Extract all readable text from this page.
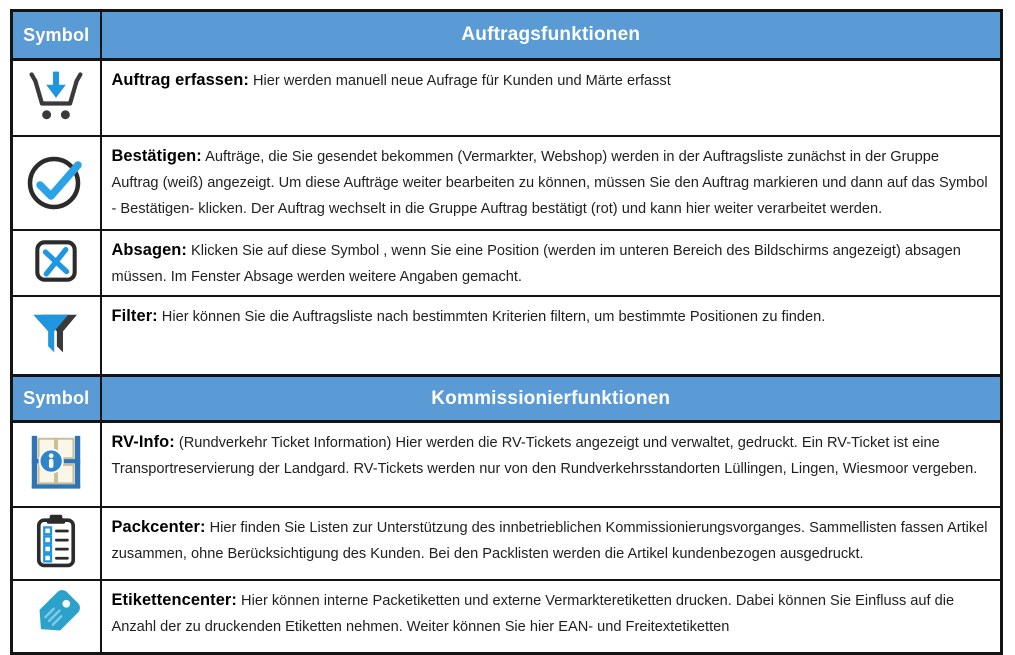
Symbol	Auftragsfunktionen
	Auftrag erfassen: Hier werden manuell neue Aufrage für Kunden und Märte erfasst
	Bestätigen: Aufträge, die Sie gesendet bekommen (Vermarkter, Webshop) werden in der Auftragsliste zunächst in der Gruppe Auftrag (weiß) angezeigt. Um diese Aufträge weiter bearbeiten zu können, müssen Sie den Auftrag markieren und dann auf das Symbol - Bestätigen- klicken. Der Auftrag wechselt in die Gruppe Auftrag bestätigt (rot) und kann hier weiter verarbeitet werden.
	Absagen: Klicken Sie auf diese Symbol , wenn Sie eine Position (werden im unteren Bereich des Bildschirms angezeigt) absagen müssen. Im Fenster Absage werden weitere Angaben gemacht.
	Filter: Hier können Sie die Auftragsliste nach bestimmten Kriterien filtern, um bestimmte Positionen zu finden.
Symbol	Kommissionierfunktionen
	RV-Info: (Rundverkehr Ticket Information) Hier werden die RV-Tickets angezeigt und verwaltet, gedruckt. Ein RV-Ticket ist eine Transportreservierung der Landgard. RV-Tickets werden nur von den Rundverkehrsstandorten Lüllingen, Lingen, Wiesmoor vergeben.
	Packcenter: Hier finden Sie Listen zur Unterstützung des innbetrieblichen Kommissionierungsvorganges. Sammellisten fassen Artikel zusammen, ohne Berücksichtigung des Kunden. Bei den Packlisten werden die Artikel kundenbezogen ausgedruckt.
	Etikettencenter: Hier können interne Packetiketten und externe Vermarkteretiketten drucken. Dabei können Sie Einfluss auf die Anzahl der zu druckenden Etiketten nehmen. Weiter können Sie hier EAN- und Freitextetiketten
